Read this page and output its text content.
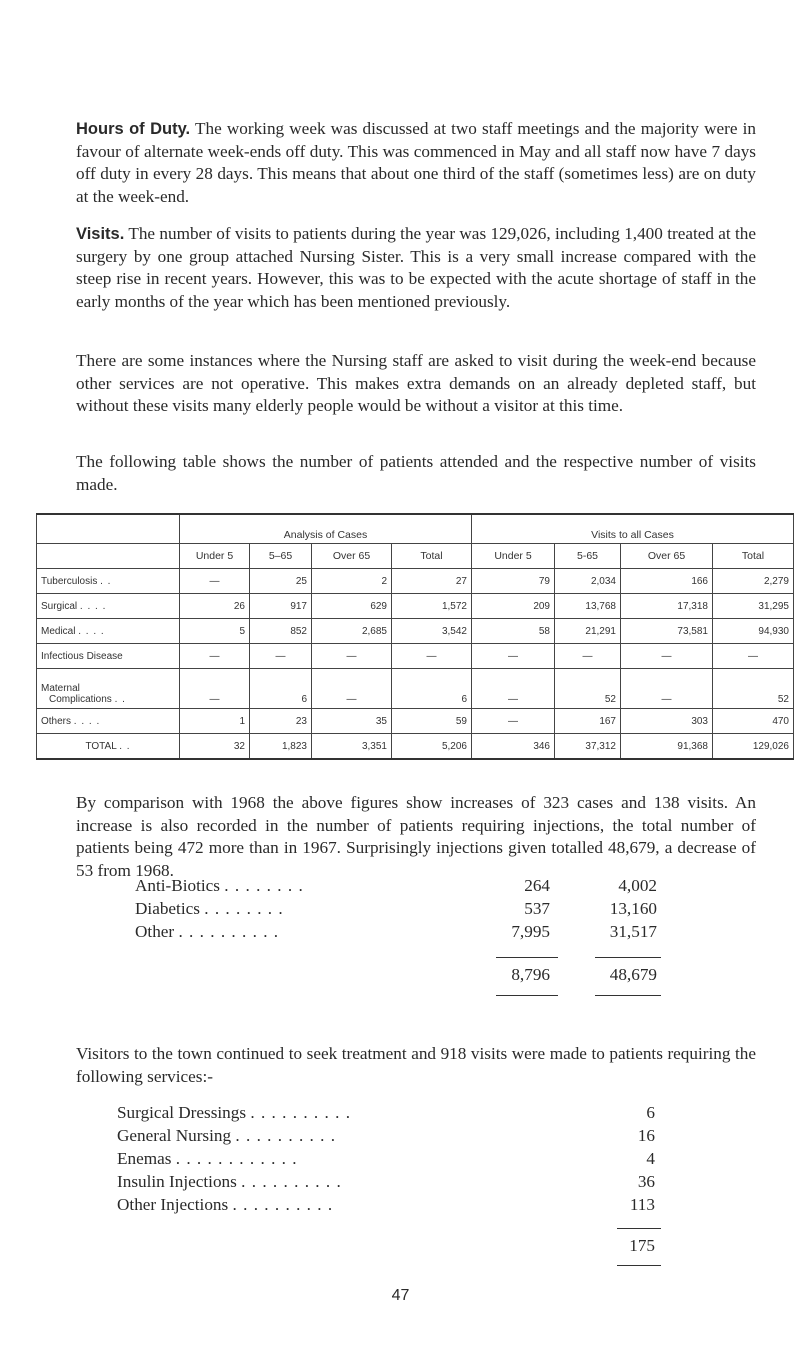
Hours of Duty. The working week was discussed at two staff meetings and the majority were in favour of alternate week-ends off duty. This was commenced in May and all staff now have 7 days off duty in every 28 days. This means that about one third of the staff (sometimes less) are on duty at the week-end.

Visits. The number of visits to patients during the year was 129,026, including 1,400 treated at the surgery by one group attached Nursing Sister. This is a very small increase compared with the steep rise in recent years. However, this was to be expected with the acute shortage of staff in the early months of the year which has been mentioned previously.

There are some instances where the Nursing staff are asked to visit during the week-end because other services are not operative. This makes extra demands on an already depleted staff, but without these visits many elderly people would be without a visitor at this time.

The following table shows the number of patients attended and the respective number of visits made.

	Analysis of Cases				Visits to all Cases			
	Under 5	5–65	Over 65	Total	Under 5	5-65	Over 65	Total
Tuberculosis . .	—	25	2	27	79	2,034	166	2,279
Surgical . . . .	26	917	629	1,572	209	13,768	17,318	31,295
Medical . . . .	5	852	2,685	3,542	58	21,291	73,581	94,930
Infectious Disease	—	—	—	—	—	—	—	—
Maternal
Complications . .	—	6	—	6	—	52	—	52
Others . . . .	1	23	35	59	—	167	303	470
TOTAL . .	32	1,823	3,351	5,206	346	37,312	91,368	129,026

By comparison with 1968 the above figures show increases of 323 cases and 138 visits. An increase is also recorded in the number of patients requiring injections, the total number of patients being 472 more than in 1967. Surprisingly injections given totalled 48,679, a decrease of 53 from 1968.

Anti-Biotics . . . . . . . .	264	4,002
Diabetics . . . . . . . .	537	13,160
Other . . . . . . . . . .	7,995	31,517
8,796	48,679

Visitors to the town continued to seek treatment and 918 visits were made to patients requiring the following services:-

Surgical Dressings . . . . . . . . . .	6
General Nursing . . . . . . . . . .	16
Enemas . . . . . . . . . . . .	4
Insulin Injections . . . . . . . . . .	36
Other Injections . . . . . . . . . .	113
175
47
